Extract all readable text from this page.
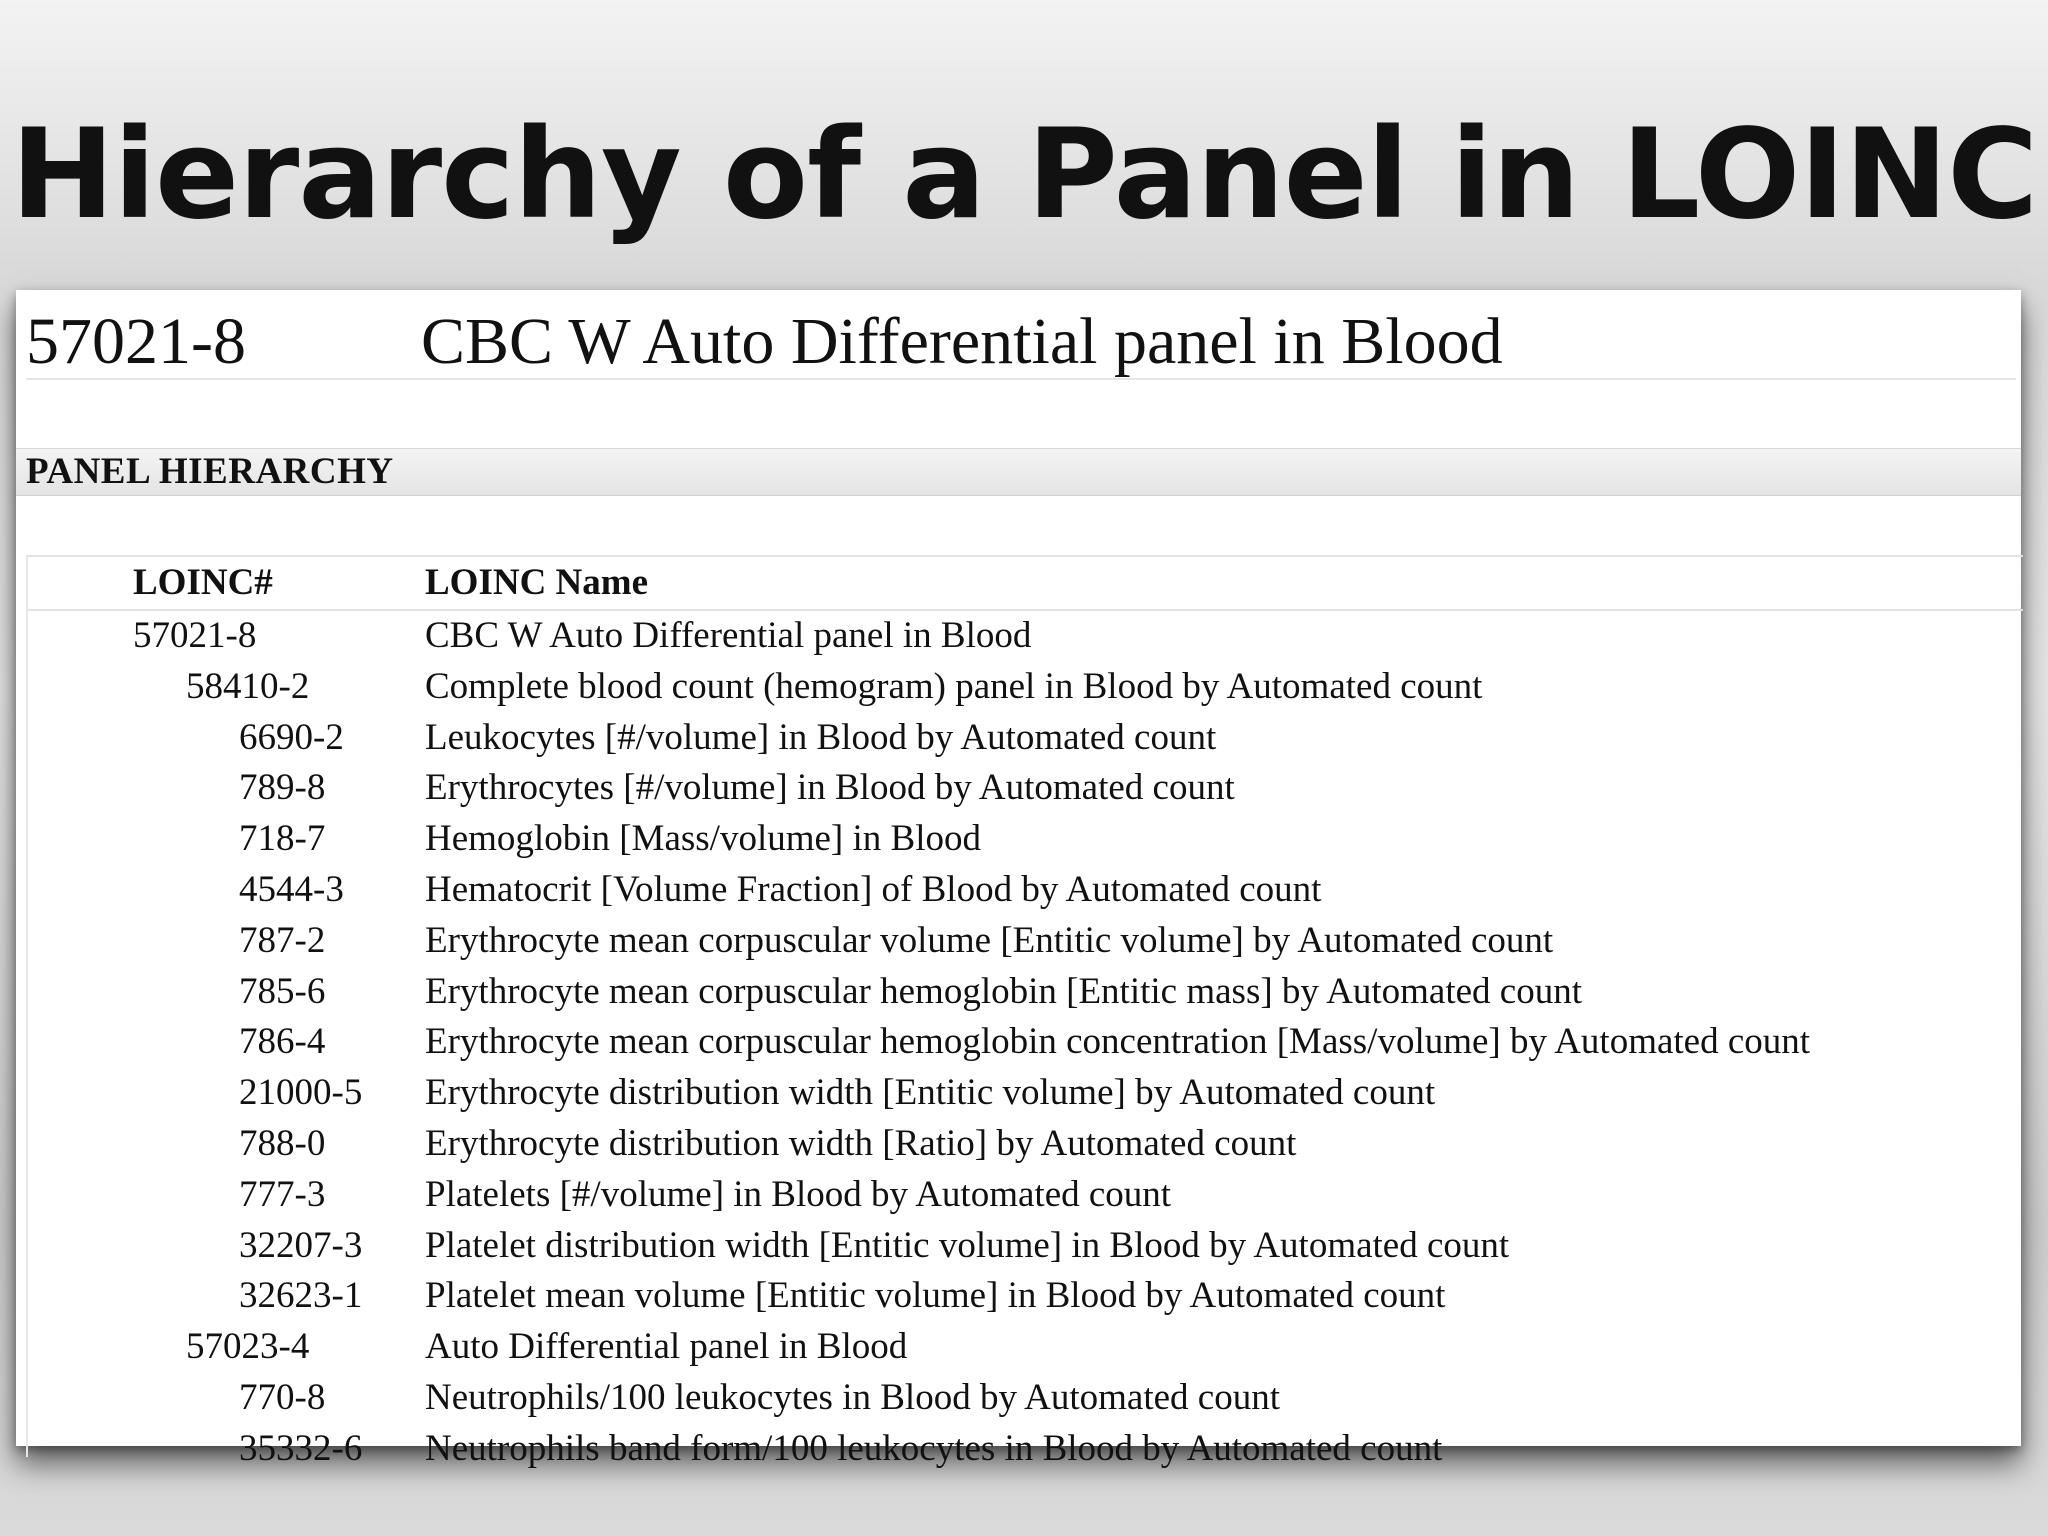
Hierarchy of a Panel in LOINC
57021-8	CBC W Auto Differential panel in Blood
PANEL HIERARCHY
LOINC#	LOINC Name
57021-8	CBC W Auto Differential panel in Blood
58410-2	Complete blood count (hemogram) panel in Blood by Automated count
6690-2 Leukocytes [#/volume] in Blood by Automated count
789-8	Erythrocytes [#/volume] in Blood by Automated count
718-7	Hemoglobin [Mass/volume] in Blood
4544-3 Hematocrit [Volume Fraction] of Blood by Automated count
787-2	Erythrocyte mean corpuscular volume [Entitic volume] by Automated count
785-6	Erythrocyte mean corpuscular hemoglobin [Entitic mass] by Automated count
786-4	Erythrocyte mean corpuscular hemoglobin concentration [Mass/volume] by Automated count
21000-5 Erythrocyte distribution width [Entitic volume] by Automated count
788-0	Erythrocyte distribution width [Ratio] by Automated count
777-3	Platelets [#/volume] in Blood by Automated count
32207-3 Platelet distribution width [Entitic volume] in Blood by Automated count
32623-1 Platelet mean volume [Entitic volume] in Blood by Automated count
57023-4	Auto Differential panel in Blood
770-8	Neutrophils/100 leukocytes in Blood by Automated count
35332-6 Neutrophils band form/100 leukocytes in Blood by Automated count
